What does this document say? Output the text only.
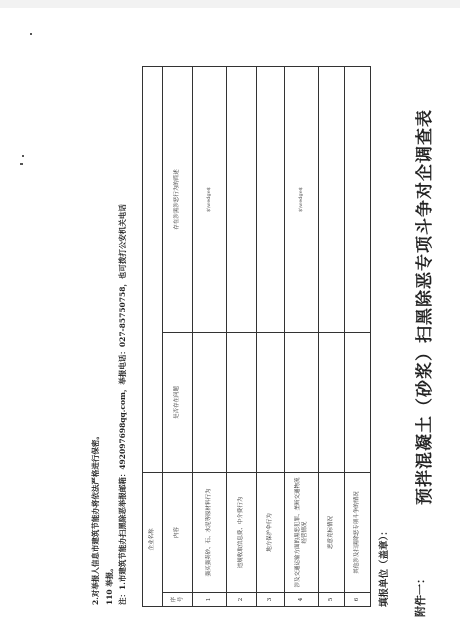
附件一：
预拌混凝土（砂浆）扫黑除恶专项斗争对企调查表
填报单位（盖章）：
企业名称			
序号	内容	是否存在问题	存在涉黑涉恶行为的简述
1	强买强卖砂、石、水泥等原材料行为		$\wedge$
2	违规收取信息费、中介费行为		
3	地方保护伞行为		
4	涉及交通运输方面的黑恶犯罪、垄断交通物流经营情况		$\wedge$
5	恶意竞标情况		
6	其他涉及扫黑除恶专项斗争的情况		
注：1.市建筑节能办扫黑除恶举报邮箱：492097698qq.com，举报电话：027-85750758，也可拨打公安机关电话
110 举报。
2.对举报人信息市建筑节能办将依法严格进行保密。
